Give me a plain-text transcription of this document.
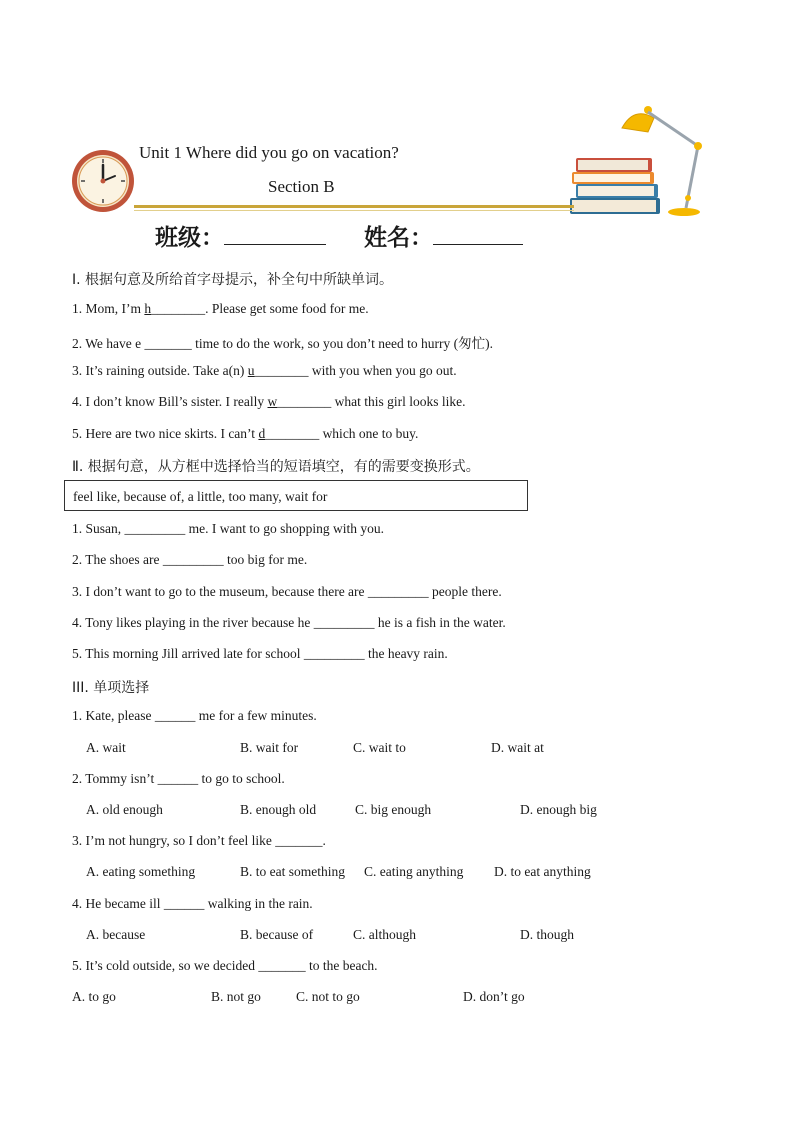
Unit 1 Where did you go on vacation?
Section B
班级：	姓名：
Ⅰ. 根据句意及所给首字母提示，补全句中所缺单词。
1. Mom, I’m h________. Please get some food for me.
2. We have e _______ time to do the work, so you don’t need to hurry (匆忙).
3. It’s raining outside. Take a(n) u________ with you when you go out.
4. I don’t know Bill’s sister. I really w________ what this girl looks like.
5. Here are two nice skirts. I can’t d________ which one to buy.
Ⅱ. 根据句意，从方框中选择恰当的短语填空，有的需要变换形式。
feel like, because of, a little, too many, wait for
1. Susan, _________ me. I want to go shopping with you.
2. The shoes are _________ too big for me.
3. I don’t want to go to the museum, because there are _________ people there.
4. Tony likes playing in the river because he _________ he is a fish in the water.
5. This morning Jill arrived late for school _________ the heavy rain.
III. 单项选择
1. Kate, please ______ me for a few minutes.
A. wait	B. wait for	C. wait to	D. wait at
2. Tommy isn’t ______ to go to school.
A. old enough	B. enough old	C. big enough	D. enough big
3. I’m not hungry, so I don’t feel like _______.
A. eating something	B. to eat something C. eating anything D. to eat anything
4. He became ill ______ walking in the rain.
A. because	B. because of	C. although	D. though
5. It’s cold outside, so we decided _______ to the beach.
A. to go	B. not go	C. not to go	D. don’t go
